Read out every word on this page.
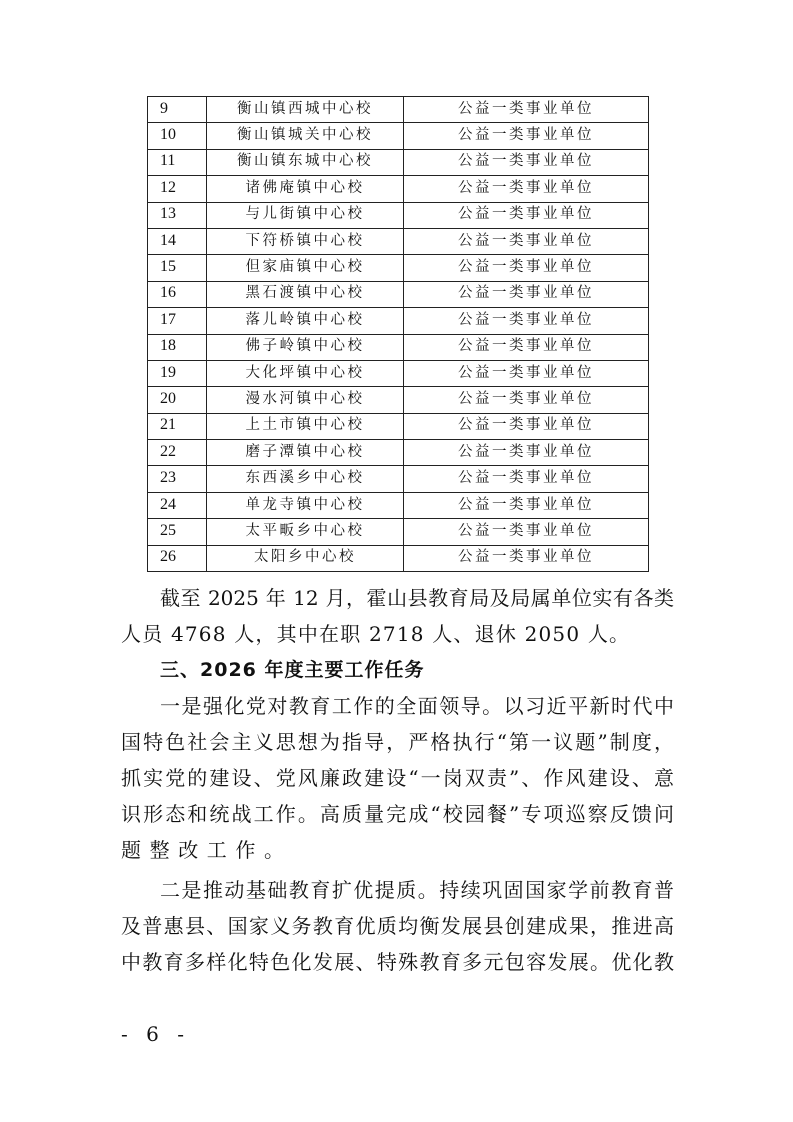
9	衡山镇西城中心校	公益一类事业单位
10	衡山镇城关中心校	公益一类事业单位
11	衡山镇东城中心校	公益一类事业单位
12	诸佛庵镇中心校	公益一类事业单位
13	与儿街镇中心校	公益一类事业单位
14	下符桥镇中心校	公益一类事业单位
15	但家庙镇中心校	公益一类事业单位
16	黑石渡镇中心校	公益一类事业单位
17	落儿岭镇中心校	公益一类事业单位
18	佛子岭镇中心校	公益一类事业单位
19	大化坪镇中心校	公益一类事业单位
20	漫水河镇中心校	公益一类事业单位
21	上土市镇中心校	公益一类事业单位
22	磨子潭镇中心校	公益一类事业单位
23	东西溪乡中心校	公益一类事业单位
24	单龙寺镇中心校	公益一类事业单位
25	太平畈乡中心校	公益一类事业单位
26	太阳乡中心校	公益一类事业单位
截至 2025 年 12 月，霍山县教育局及局属单位实有各类
人员 4768 人，其中在职 2718 人、退休 2050 人。
三、2026 年度主要工作任务
一是强化党对教育工作的全面领导。以习近平新时代中
国特色社会主义思想为指导，严格执行“第一议题”制度，
抓实党的建设、党风廉政建设“一岗双责”、作风建设、意
识形态和统战工作。高质量完成“校园餐”专项巡察反馈问
题整改工作。
二是推动基础教育扩优提质。持续巩固国家学前教育普
及普惠县、国家义务教育优质均衡发展县创建成果，推进高
中教育多样化特色化发展、特殊教育多元包容发展。优化教
- 6 -
